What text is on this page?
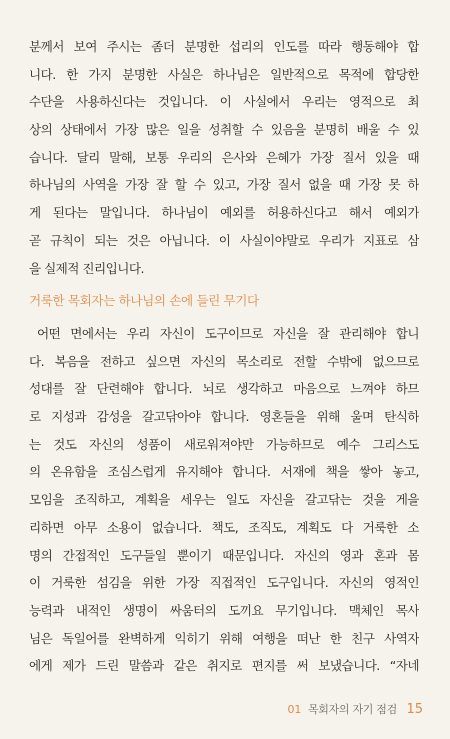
분께서 보여 주시는 좀더 분명한 섭리의 인도를 따라 행동해야 합
니다. 한 가지 분명한 사실은 하나님은 일반적으로 목적에 합당한
수단을 사용하신다는 것입니다. 이 사실에서 우리는 영적으로 최
상의 상태에서 가장 많은 일을 성취할 수 있음을 분명히 배울 수 있
습니다. 달리 말해, 보통 우리의 은사와 은혜가 가장 질서 있을 때
하나님의 사역을 가장 잘 할 수 있고, 가장 질서 없을 때 가장 못 하
게 된다는 말입니다. 하나님이 예외를 허용하신다고 해서 예외가
곧 규칙이 되는 것은 아닙니다. 이 사실이야말로 우리가 지표로 삼
을 실제적 진리입니다.

거룩한 목회자는 하나님의 손에 들린 무기다

어떤 면에서는 우리 자신이 도구이므로 자신을 잘 관리해야 합니
다. 복음을 전하고 싶으면 자신의 목소리로 전할 수밖에 없으므로
성대를 잘 단련해야 합니다. 뇌로 생각하고 마음으로 느껴야 하므
로 지성과 감성을 갈고닦아야 합니다. 영혼들을 위해 울며 탄식하
는 것도 자신의 성품이 새로워져야만 가능하므로 예수 그리스도
의 온유함을 조심스럽게 유지해야 합니다. 서재에 책을 쌓아 놓고,
모임을 조직하고, 계획을 세우는 일도 자신을 갈고닦는 것을 게을
리하면 아무 소용이 없습니다. 책도, 조직도, 계획도 다 거룩한 소
명의 간접적인 도구들일 뿐이기 때문입니다. 자신의 영과 혼과 몸
이 거룩한 섬김을 위한 가장 직접적인 도구입니다. 자신의 영적인
능력과 내적인 생명이 싸움터의 도끼요 무기입니다. 맥체인 목사
님은 독일어를 완벽하게 익히기 위해 여행을 떠난 한 친구 사역자
에게 제가 드린 말씀과 같은 취지로 편지를 써 보냈습니다. “자네
01 목회자의 자기 점검 15
